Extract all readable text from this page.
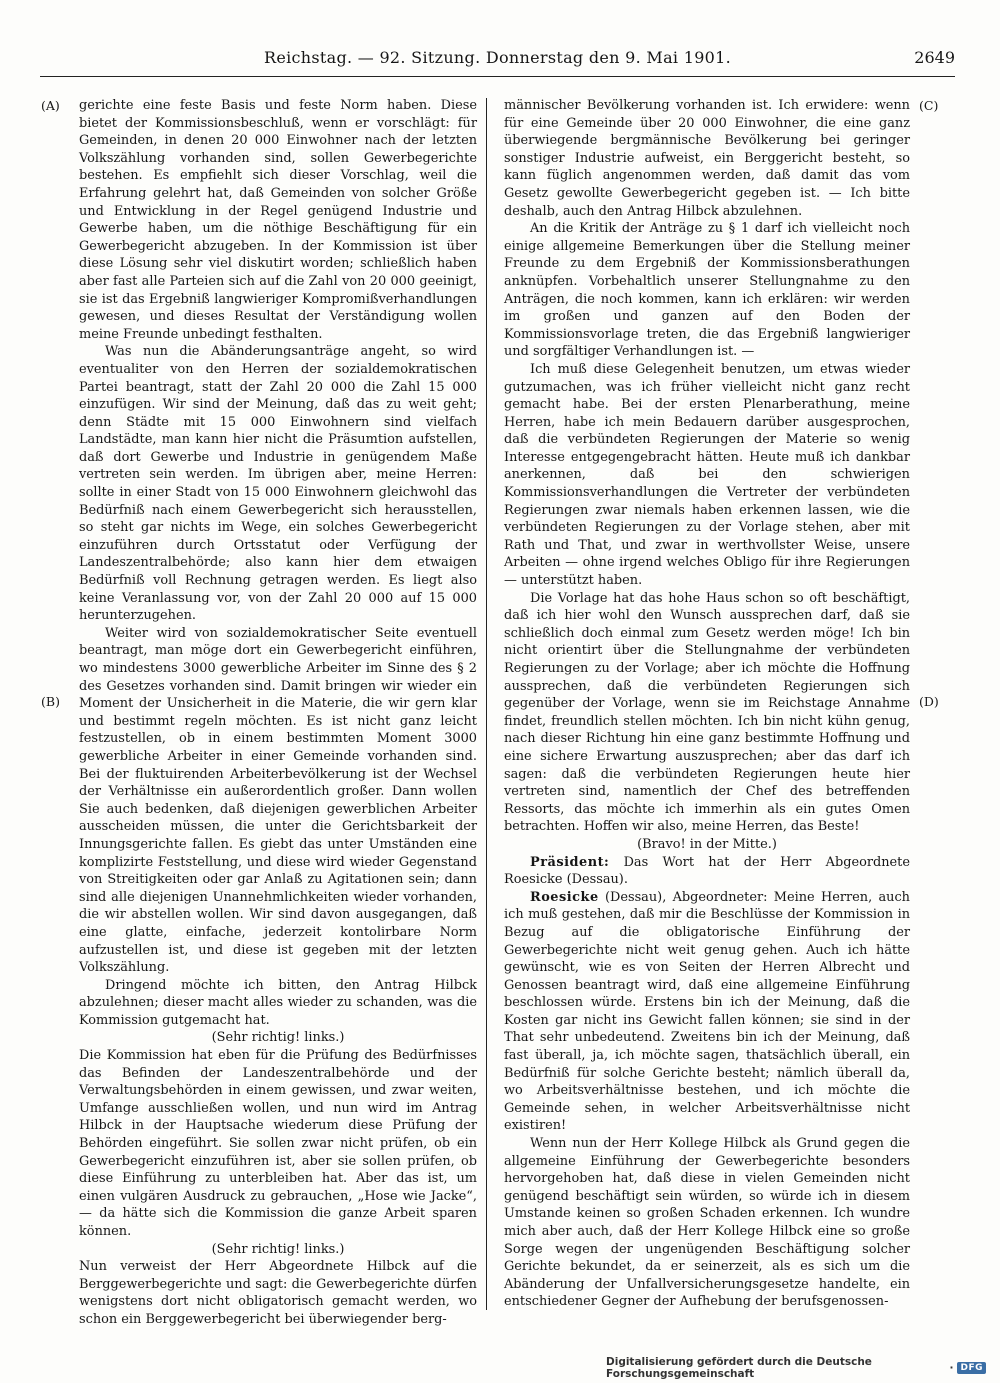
Reichstag. — 92. Sitzung. Donnerstag den 9. Mai 1901.	2649
(A)
(B)
(C)
(D)

gerichte eine feste Basis und feste Norm haben. Diese bietet der Kommissionsbeschluß, wenn er vorschlägt: für Gemeinden, in denen 20 000 Einwohner nach der letzten Volkszählung vorhanden sind, sollen Gewerbegerichte bestehen. Es empfiehlt sich dieser Vorschlag, weil die Erfahrung gelehrt hat, daß Gemeinden von solcher Größe und Entwicklung in der Regel genügend Industrie und Gewerbe haben, um die nöthige Beschäftigung für ein Gewerbegericht abzugeben. In der Kommission ist über diese Lösung sehr viel diskutirt worden; schließlich haben aber fast alle Parteien sich auf die Zahl von 20 000 geeinigt, sie ist das Ergebniß langwieriger Kompromißverhandlungen gewesen, und dieses Resultat der Verständigung wollen meine Freunde unbedingt festhalten.

Was nun die Abänderungsanträge angeht, so wird eventualiter von den Herren der sozialdemokratischen Partei beantragt, statt der Zahl 20 000 die Zahl 15 000 einzufügen. Wir sind der Meinung, daß das zu weit geht; denn Städte mit 15 000 Einwohnern sind vielfach Landstädte, man kann hier nicht die Präsumtion aufstellen, daß dort Gewerbe und Industrie in genügendem Maße vertreten sein werden. Im übrigen aber, meine Herren: sollte in einer Stadt von 15 000 Einwohnern gleichwohl das Bedürfniß nach einem Gewerbegericht sich herausstellen, so steht gar nichts im Wege, ein solches Gewerbegericht einzuführen durch Ortsstatut oder Verfügung der Landeszentralbehörde; also kann hier dem etwaigen Bedürfniß voll Rechnung getragen werden. Es liegt also keine Veranlassung vor, von der Zahl 20 000 auf 15 000 herunterzugehen.

Weiter wird von sozialdemokratischer Seite eventuell beantragt, man möge dort ein Gewerbegericht einführen, wo mindestens 3000 gewerbliche Arbeiter im Sinne des § 2 des Gesetzes vorhanden sind. Damit bringen wir wieder ein Moment der Unsicherheit in die Materie, die wir gern klar und bestimmt regeln möchten. Es ist nicht ganz leicht festzustellen, ob in einem bestimmten Moment 3000 gewerbliche Arbeiter in einer Gemeinde vorhanden sind. Bei der fluktuirenden Arbeiterbevölkerung ist der Wechsel der Verhältnisse ein außerordentlich großer. Dann wollen Sie auch bedenken, daß diejenigen gewerblichen Arbeiter ausscheiden müssen, die unter die Gerichtsbarkeit der Innungsgerichte fallen. Es giebt das unter Umständen eine komplizirte Feststellung, und diese wird wieder Gegenstand von Streitigkeiten oder gar Anlaß zu Agitationen sein; dann sind alle diejenigen Unannehmlichkeiten wieder vorhanden, die wir abstellen wollen. Wir sind davon ausgegangen, daß eine glatte, einfache, jederzeit kontolirbare Norm aufzustellen ist, und diese ist gegeben mit der letzten Volkszählung.

Dringend möchte ich bitten, den Antrag Hilbck abzulehnen; dieser macht alles wieder zu schanden, was die Kommission gutgemacht hat.

(Sehr richtig! links.)

Die Kommission hat eben für die Prüfung des Bedürfnisses das Befinden der Landeszentralbehörde und der Verwaltungsbehörden in einem gewissen, und zwar weiten, Umfange ausschließen wollen, und nun wird im Antrag Hilbck in der Hauptsache wiederum diese Prüfung der Behörden eingeführt. Sie sollen zwar nicht prüfen, ob ein Gewerbegericht einzuführen ist, aber sie sollen prüfen, ob diese Einführung zu unterbleiben hat. Aber das ist, um einen vulgären Ausdruck zu gebrauchen, „Hose wie Jacke“, — da hätte sich die Kommission die ganze Arbeit sparen können.

(Sehr richtig! links.)

Nun verweist der Herr Abgeordnete Hilbck auf die Berggewerbegerichte und sagt: die Gewerbegerichte dürfen wenigstens dort nicht obligatorisch gemacht werden, wo schon ein Berggewerbegericht bei überwiegender berg-

männischer Bevölkerung vorhanden ist. Ich erwidere: wenn für eine Gemeinde über 20 000 Einwohner, die eine ganz überwiegende bergmännische Bevölkerung bei geringer sonstiger Industrie aufweist, ein Berggericht besteht, so kann füglich angenommen werden, daß damit das vom Gesetz gewollte Gewerbegericht gegeben ist. — Ich bitte deshalb, auch den Antrag Hilbck abzulehnen.

An die Kritik der Anträge zu § 1 darf ich vielleicht noch einige allgemeine Bemerkungen über die Stellung meiner Freunde zu dem Ergebniß der Kommissionsberathungen anknüpfen. Vorbehaltlich unserer Stellungnahme zu den Anträgen, die noch kommen, kann ich erklären: wir werden im großen und ganzen auf den Boden der Kommissionsvorlage treten, die das Ergebniß langwieriger und sorgfältiger Verhandlungen ist. —

Ich muß diese Gelegenheit benutzen, um etwas wieder gutzumachen, was ich früher vielleicht nicht ganz recht gemacht habe. Bei der ersten Plenarberathung, meine Herren, habe ich mein Bedauern darüber ausgesprochen, daß die verbündeten Regierungen der Materie so wenig Interesse entgegengebracht hätten. Heute muß ich dankbar anerkennen, daß bei den schwierigen Kommissionsverhandlungen die Vertreter der verbündeten Regierungen zwar niemals haben erkennen lassen, wie die verbündeten Regierungen zu der Vorlage stehen, aber mit Rath und That, und zwar in werthvollster Weise, unsere Arbeiten — ohne irgend welches Obligo für ihre Regierungen — unterstützt haben.

Die Vorlage hat das hohe Haus schon so oft beschäftigt, daß ich hier wohl den Wunsch aussprechen darf, daß sie schließlich doch einmal zum Gesetz werden möge! Ich bin nicht orientirt über die Stellungnahme der verbündeten Regierungen zu der Vorlage; aber ich möchte die Hoffnung aussprechen, daß die verbündeten Regierungen sich gegenüber der Vorlage, wenn sie im Reichstage Annahme findet, freundlich stellen möchten. Ich bin nicht kühn genug, nach dieser Richtung hin eine ganz bestimmte Hoffnung und eine sichere Erwartung auszusprechen; aber das darf ich sagen: daß die verbündeten Regierungen heute hier vertreten sind, namentlich der Chef des betreffenden Ressorts, das möchte ich immerhin als ein gutes Omen betrachten. Hoffen wir also, meine Herren, das Beste!

(Bravo! in der Mitte.)

Präsident: Das Wort hat der Herr Abgeordnete Roesicke (Dessau).

Roesicke (Dessau), Abgeordneter: Meine Herren, auch ich muß gestehen, daß mir die Beschlüsse der Kommission in Bezug auf die obligatorische Einführung der Gewerbegerichte nicht weit genug gehen. Auch ich hätte gewünscht, wie es von Seiten der Herren Albrecht und Genossen beantragt wird, daß eine allgemeine Einführung beschlossen würde. Erstens bin ich der Meinung, daß die Kosten gar nicht ins Gewicht fallen können; sie sind in der That sehr unbedeutend. Zweitens bin ich der Meinung, daß fast überall, ja, ich möchte sagen, thatsächlich überall, ein Bedürfniß für solche Gerichte besteht; nämlich überall da, wo Arbeitsverhältnisse bestehen, und ich möchte die Gemeinde sehen, in welcher Arbeitsverhältnisse nicht existiren!

Wenn nun der Herr Kollege Hilbck als Grund gegen die allgemeine Einführung der Gewerbegerichte besonders hervorgehoben hat, daß diese in vielen Gemeinden nicht genügend beschäftigt sein würden, so würde ich in diesem Umstande keinen so großen Schaden erkennen. Ich wundre mich aber auch, daß der Herr Kollege Hilbck eine so große Sorge wegen der ungenügenden Beschäftigung solcher Gerichte bekundet, da er seinerzeit, als es sich um die Abänderung der Unfallversicherungsgesetze handelte, ein entschiedener Gegner der Aufhebung der berufsgenossen-

Digitalisierung gefördert durch die Deutsche Forschungsgemeinschaft	· DFG
